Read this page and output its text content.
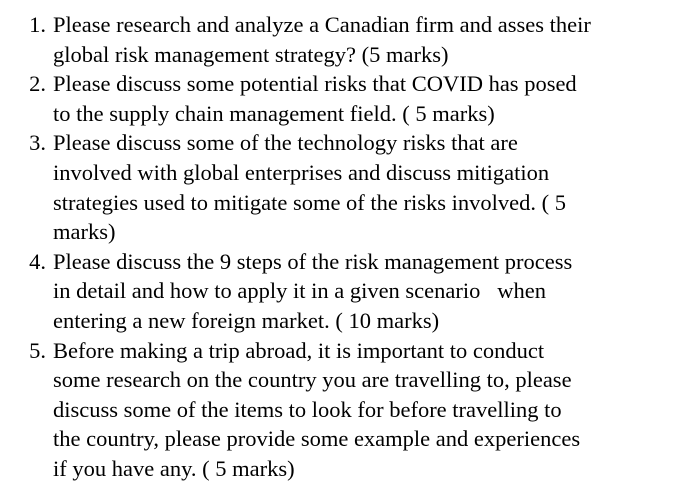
1. Please research and analyze a Canadian firm and asses their
global risk management strategy? (5 marks)
2. Please discuss some potential risks that COVID has posed
to the supply chain management field. ( 5 marks)
3. Please discuss some of the technology risks that are
involved with global enterprises and discuss mitigation
strategies used to mitigate some of the risks involved. ( 5
marks)
4. Please discuss the 9 steps of the risk management process
in detail and how to apply it in a given scenario   when
entering a new foreign market. ( 10 marks)
5. Before making a trip abroad, it is important to conduct
some research on the country you are travelling to, please
discuss some of the items to look for before travelling to
the country, please provide some example and experiences
if you have any. ( 5 marks)
